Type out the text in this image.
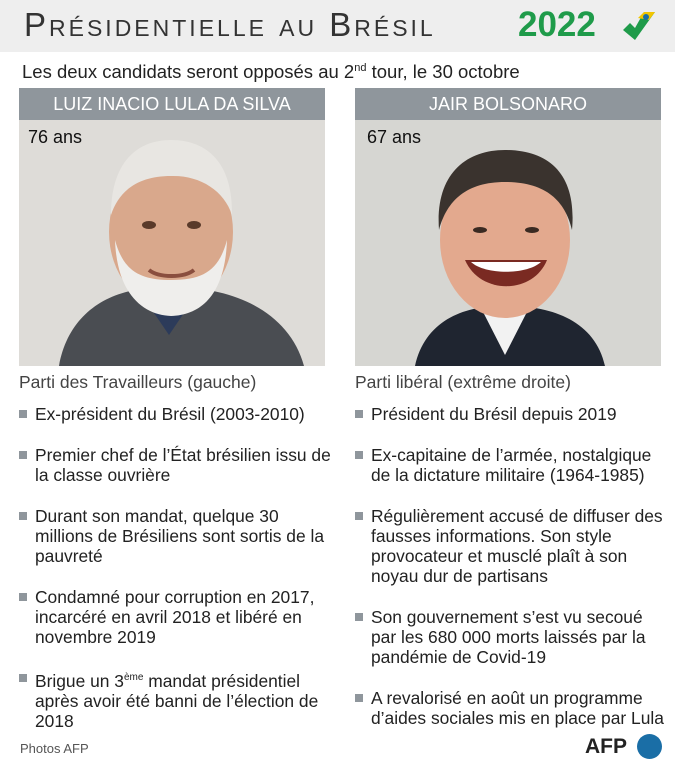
Présidentielle au Brésil 2022
Les deux candidats seront opposés au 2nd tour, le 30 octobre
LUIZ INACIO LULA DA SILVA
76 ans
Parti des Travailleurs (gauche)
Ex-président du Brésil (2003-2010)
Premier chef de l’État brésilien issu de la classe ouvrière
Durant son mandat, quelque 30 millions de Brésiliens sont sortis de la pauvreté
Condamné pour corruption en 2017, incarcéré en avril 2018 et libéré en novembre 2019
Brigue un 3ème mandat présidentiel après avoir été banni de l’élection de 2018
JAIR BOLSONARO
67 ans
Parti libéral (extrême droite)
Président du Brésil depuis 2019
Ex-capitaine de l’armée, nostalgique de la dictature militaire (1964-1985)
Régulièrement accusé de diffuser des fausses informations. Son style provocateur et musclé plaît à son noyau dur de partisans
Son gouvernement s’est vu secoué par les 680 000 morts laissés par la pandémie de Covid-19
A revalorisé en août un programme d’aides sociales mis en place par Lula
Photos AFP	AFP
